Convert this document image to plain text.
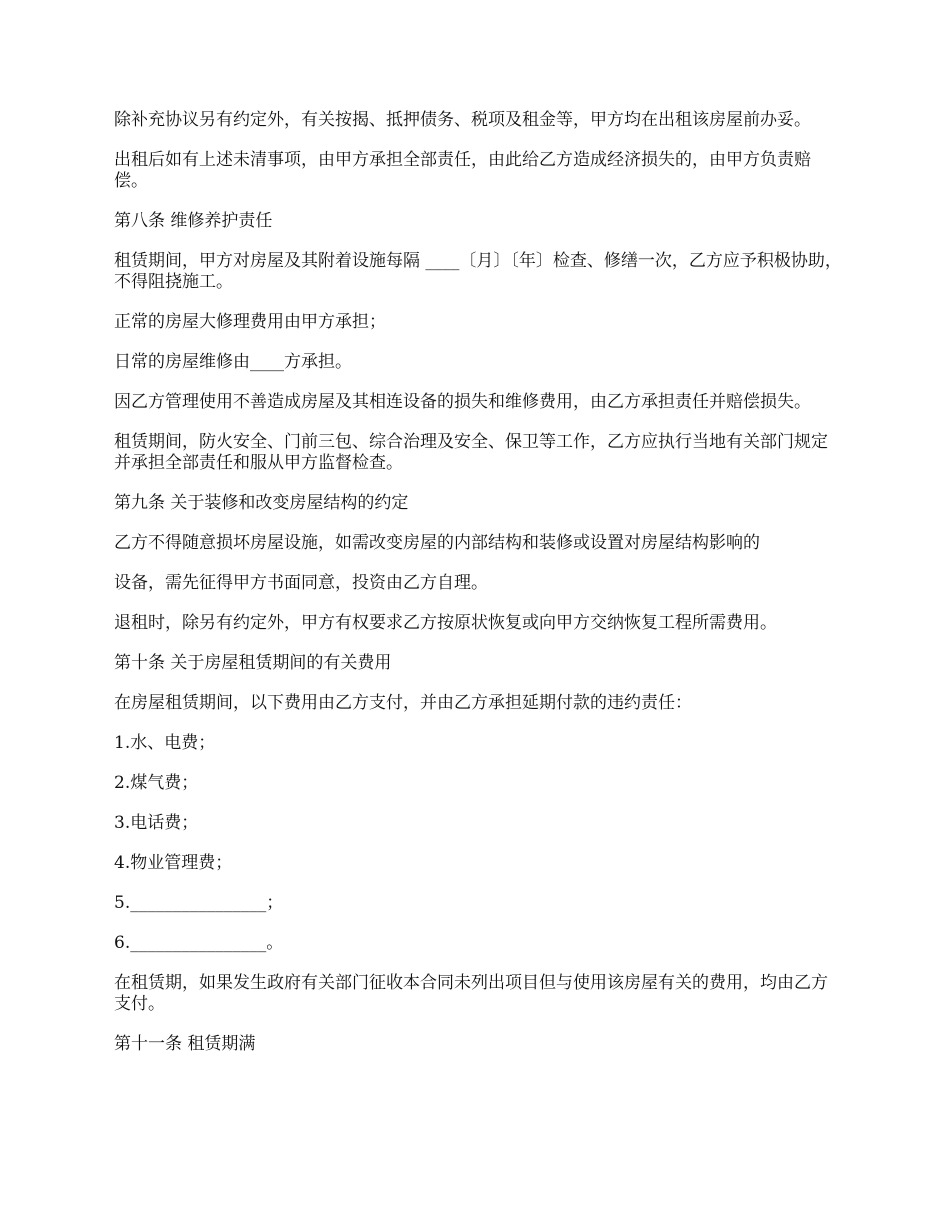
除补充协议另有约定外，有关按揭、抵押债务、税项及租金等，甲方均在出租该房屋前办妥。

出租后如有上述未清事项，由甲方承担全部责任，由此给乙方造成经济损失的，由甲方负责赔偿。

第八条 维修养护责任

租赁期间，甲方对房屋及其附着设施每隔 ____〔月〕〔年〕检查、修缮一次，乙方应予积极协助，不得阻挠施工。

正常的房屋大修理费用由甲方承担；

日常的房屋维修由____方承担。

因乙方管理使用不善造成房屋及其相连设备的损失和维修费用，由乙方承担责任并赔偿损失。

租赁期间，防火安全、门前三包、综合治理及安全、保卫等工作，乙方应执行当地有关部门规定并承担全部责任和服从甲方监督检查。

第九条 关于装修和改变房屋结构的约定

乙方不得随意损坏房屋设施，如需改变房屋的内部结构和装修或设置对房屋结构影响的

设备，需先征得甲方书面同意，投资由乙方自理。

退租时，除另有约定外，甲方有权要求乙方按原状恢复或向甲方交纳恢复工程所需费用。

第十条 关于房屋租赁期间的有关费用

在房屋租赁期间，以下费用由乙方支付，并由乙方承担延期付款的违约责任：

1.水、电费；

2.煤气费；

3.电话费；

4.物业管理费；

5.________________；

6.________________。

在租赁期，如果发生政府有关部门征收本合同未列出项目但与使用该房屋有关的费用，均由乙方支付。

第十一条 租赁期满
